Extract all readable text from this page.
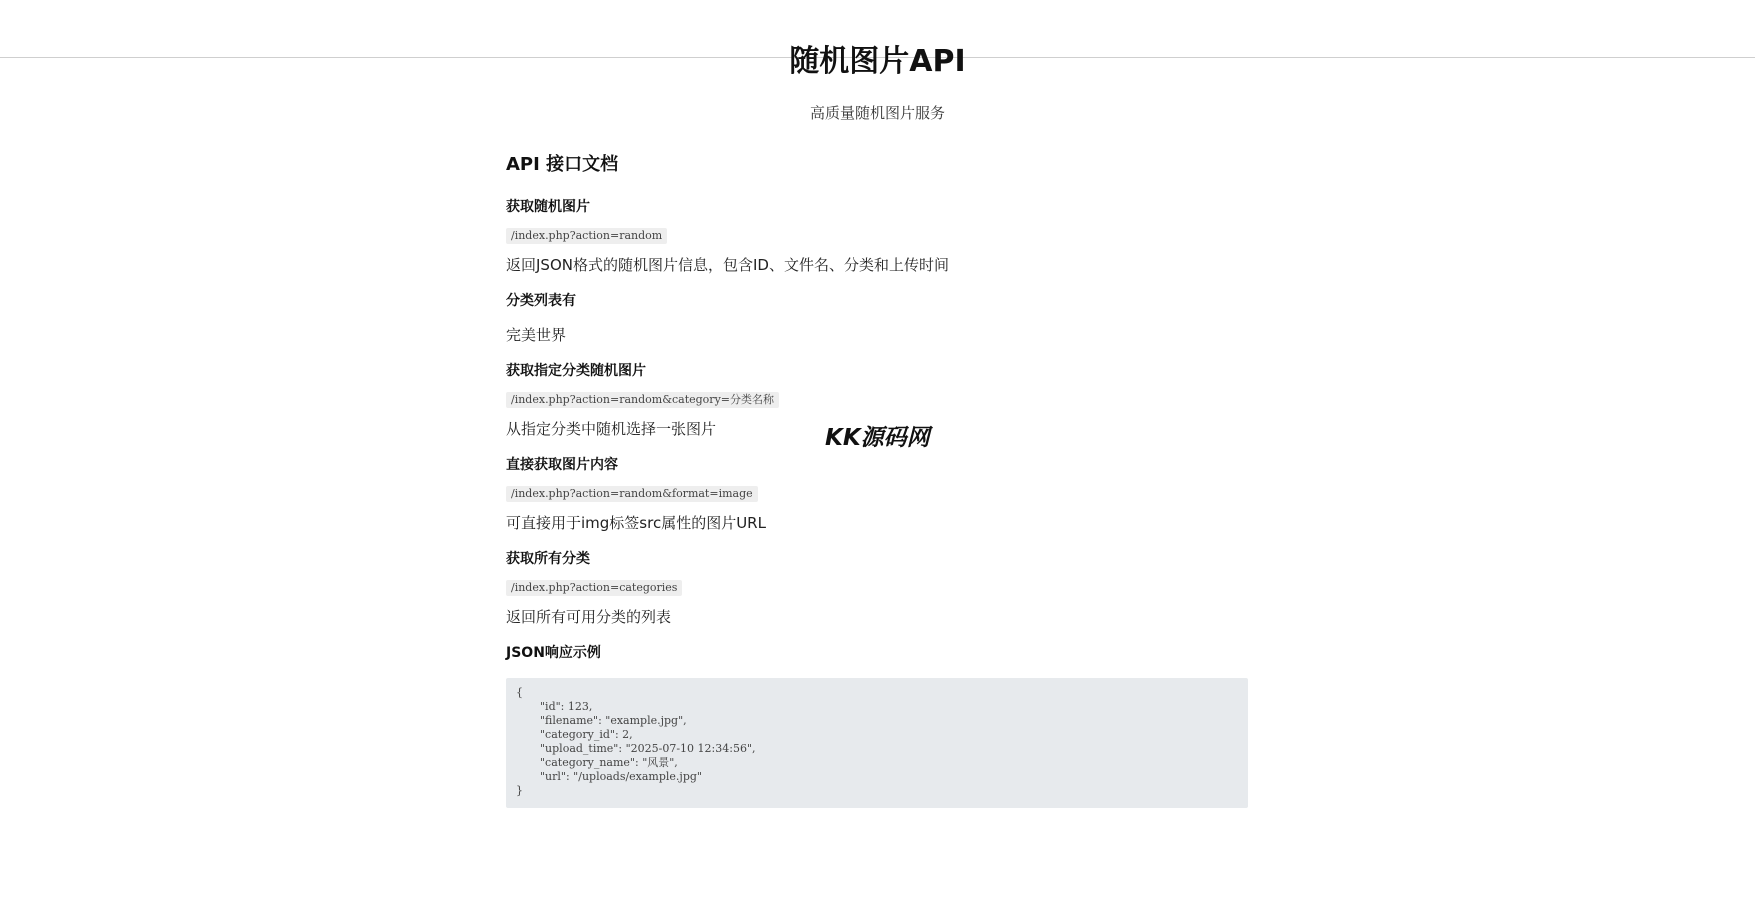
随机图片API

高质量随机图片服务

API 接口文档
获取随机图片
/index.php?action=random

返回JSON格式的随机图片信息，包含ID、文件名、分类和上传时间

分类列表有

完美世界

获取指定分类随机图片
/index.php?action=random&category=分类名称

从指定分类中随机选择一张图片

直接获取图片内容
/index.php?action=random&format=image

可直接用于img标签src属性的图片URL

获取所有分类
/index.php?action=categories

返回所有可用分类的列表

JSON响应示例
{
"id": 123,
"filename": "example.jpg",
"category_id": 2,
"upload_time": "2025-07-10 12:34:56",
"category_name": "风景",
"url": "/uploads/example.jpg"
}
KK源码网
